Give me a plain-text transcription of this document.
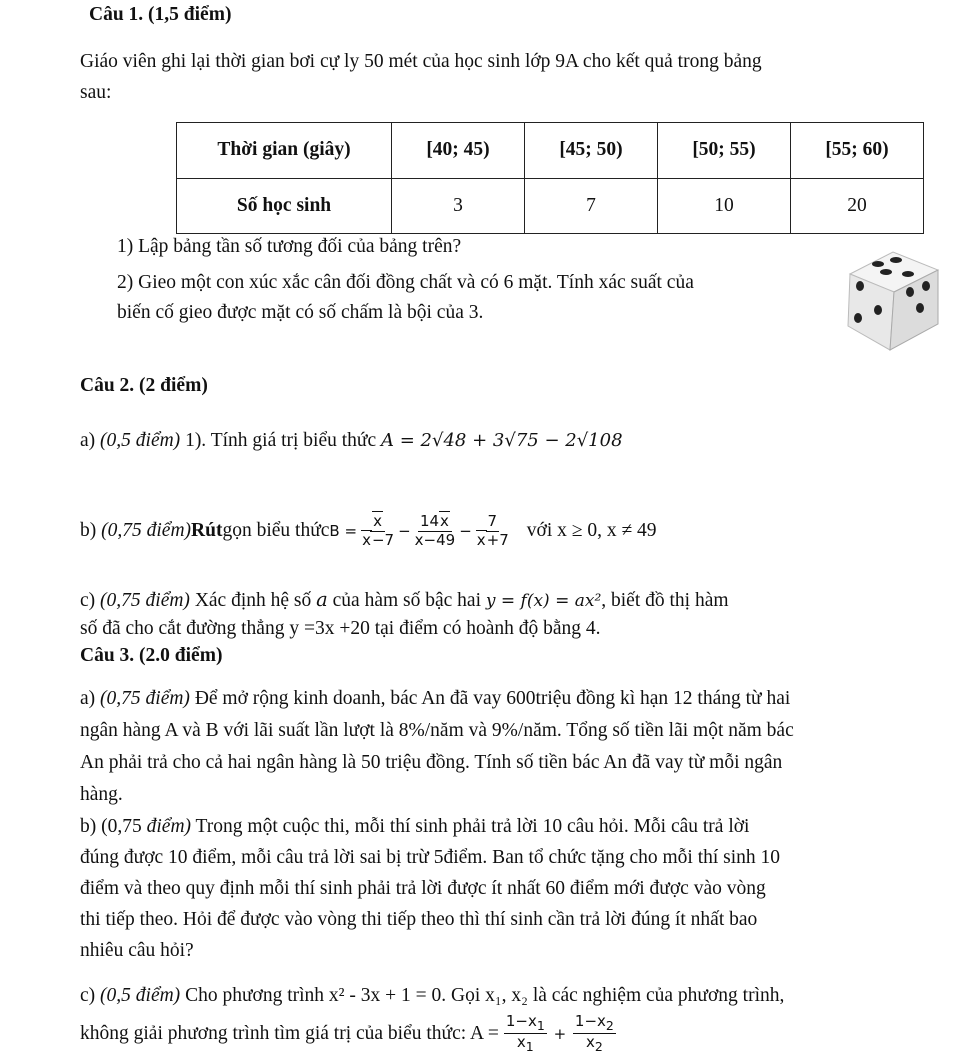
Câu 1. (1,5 điểm)
Giáo viên ghi lại thời gian bơi cự ly 50 mét của học sinh lớp 9A cho kết quả trong bảng
sau:
Thời gian (giây)	[40; 45)	[45; 50)	[50; 55)	[55; 60)
Số học sinh	3	7	10	20
1) Lập bảng tần số tương đối của bảng trên?
2) Gieo một con xúc xắc cân đối đồng chất và có 6 mặt. Tính xác suất của
biến cố gieo được mặt có số chấm là bội của 3.
Câu 2. (2 điểm)
a) (0,5 điểm) 1). Tính giá trị biểu thức A = 2√48 + 3√75 − 2√108
b)
(0,75 điểm) Rút gọn biểu thức $B = \frac{x}{x-7} - \frac{14x}{x-49} - \frac{7}{x+7}$ với x ≥ 0, x ≠ 49
c) (0,75 điểm) Xác định hệ số a của hàm số bậc hai y = f(x) = ax², biết đồ thị hàm
số đã cho cắt đường thẳng y =3x +20 tại điểm có hoành độ bằng 4.
Câu 3. (2.0 điểm)
a) (0,75 điểm) Để mở rộng kinh doanh, bác An đã vay 600triệu đồng kì hạn 12 tháng từ hai
ngân hàng A và B với lãi suất lần lượt là 8%/năm và 9%/năm. Tổng số tiền lãi một năm bác
An phải trả cho cả hai ngân hàng là 50 triệu đồng. Tính số tiền bác An đã vay từ mỗi ngân
hàng.
b) (0,75 điểm) Trong một cuộc thi, mỗi thí sinh phải trả lời 10 câu hỏi. Mỗi câu trả lời
đúng được 10 điểm, mỗi câu trả lời sai bị trừ 5điểm. Ban tổ chức tặng cho mỗi thí sinh 10
điểm và theo quy định mỗi thí sinh phải trả lời được ít nhất 60 điểm mới được vào vòng
thi tiếp theo. Hỏi để được vào vòng thi tiếp theo thì thí sinh cần trả lời đúng ít nhất bao
nhiêu câu hỏi?
c) (0,5 điểm) Cho phương trình x² - 3x + 1 = 0. Gọi x₁, x₂ là các nghiệm của phương trình,
không giải phương trình tìm giá trị của biểu thức: $A = \frac{1-x_1}{x_1} + \frac{1-x_2}{x_2}$
